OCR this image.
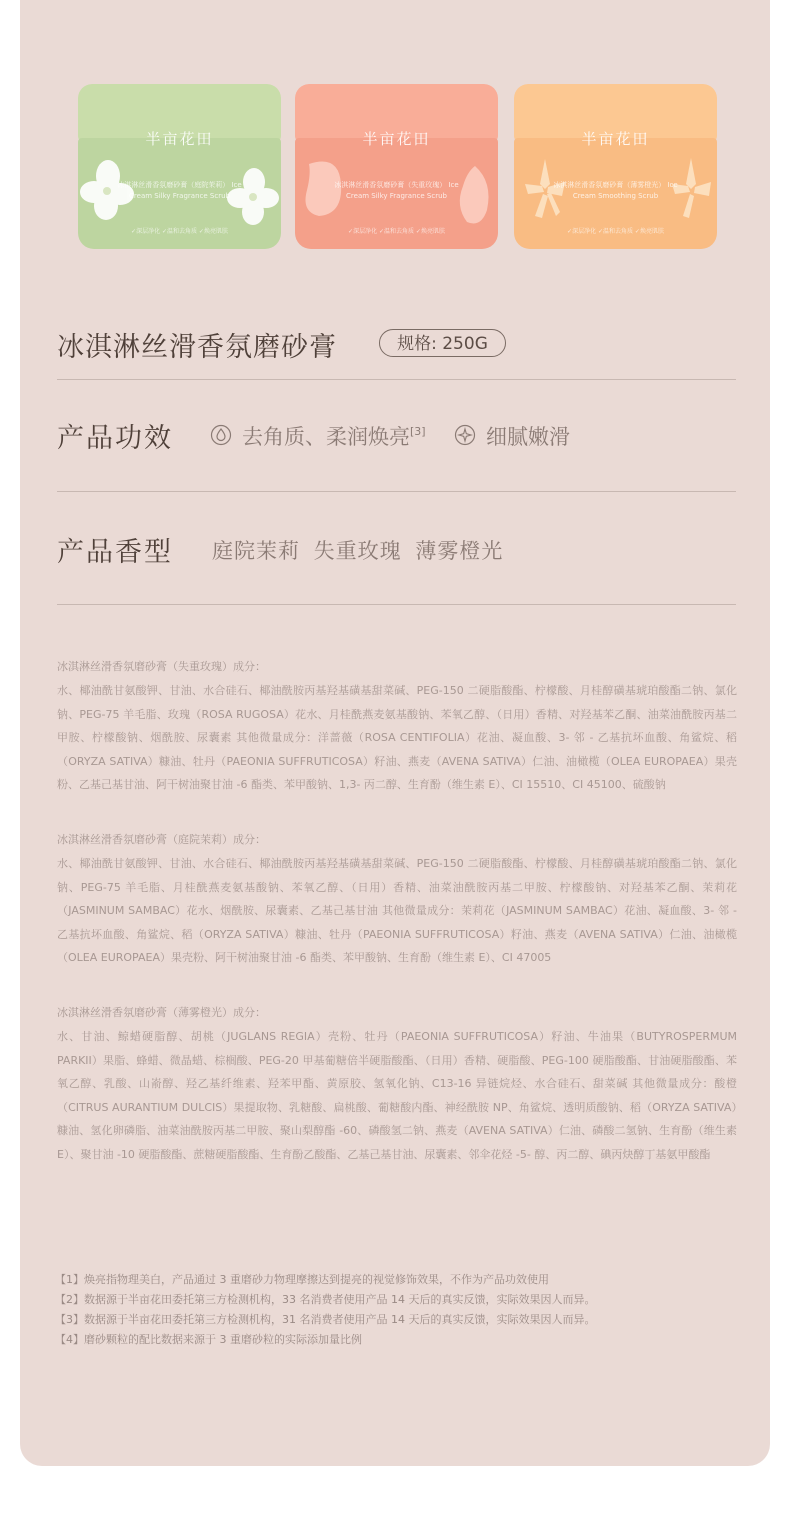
半亩花田
冰淇淋丝滑香氛磨砂膏（庭院茉莉） Ice Cream Silky Fragrance Scrub
✓深层净化 ✓温和去角质 ✓焕亮肌肤
半亩花田
冰淇淋丝滑香氛磨砂膏（失重玫瑰） Ice Cream Silky Fragrance Scrub
✓深层净化 ✓温和去角质 ✓焕亮肌肤
半亩花田
冰淇淋丝滑香氛磨砂膏（薄雾橙光） Ice Cream Smoothing Scrub
✓深层净化 ✓温和去角质 ✓焕亮肌肤
冰淇淋丝滑香氛磨砂膏	规格: 250G
产品功效	去角质、柔润焕亮[3]	细腻嫩滑
产品香型 庭院茉莉 失重玫瑰 薄雾橙光
冰淇淋丝滑香氛磨砂膏（失重玫瑰）成分：
水、椰油酰甘氨酸钾、甘油、水合硅石、椰油酰胺丙基羟基磺基甜菜碱、PEG-150 二硬脂酸酯、柠檬酸、月桂醇磺基琥珀酸酯二钠、氯化钠、PEG-75 羊毛脂、玫瑰（ROSA RUGOSA）花水、月桂酰燕麦氨基酸钠、苯氧乙醇、（日用）香精、对羟基苯乙酮、油菜油酰胺丙基二甲胺、柠檬酸钠、烟酰胺、尿囊素 其他微量成分：洋蔷薇（ROSA CENTIFOLIA）花油、凝血酸、3- 邻 - 乙基抗坏血酸、角鲨烷、稻（ORYZA SATIVA）糠油、牡丹（PAEONIA SUFFRUTICOSA）籽油、燕麦（AVENA SATIVA）仁油、油橄榄（OLEA EUROPAEA）果壳粉、乙基己基甘油、阿干树油聚甘油 -6 酯类、苯甲酸钠、1,3- 丙二醇、生育酚（维生素 E）、CI 15510、CI 45100、硫酸钠
冰淇淋丝滑香氛磨砂膏（庭院茉莉）成分：
水、椰油酰甘氨酸钾、甘油、水合硅石、椰油酰胺丙基羟基磺基甜菜碱、PEG-150 二硬脂酸酯、柠檬酸、月桂醇磺基琥珀酸酯二钠、氯化钠、PEG-75 羊毛脂、月桂酰燕麦氨基酸钠、苯氧乙醇、（日用）香精、油菜油酰胺丙基二甲胺、柠檬酸钠、对羟基苯乙酮、茉莉花（JASMINUM SAMBAC）花水、烟酰胺、尿囊素、乙基己基甘油 其他微量成分：茉莉花（JASMINUM SAMBAC）花油、凝血酸、3- 邻 - 乙基抗坏血酸、角鲨烷、稻（ORYZA SATIVA）糠油、牡丹（PAEONIA SUFFRUTICOSA）籽油、燕麦（AVENA SATIVA）仁油、油橄榄（OLEA EUROPAEA）果壳粉、阿干树油聚甘油 -6 酯类、苯甲酸钠、生育酚（维生素 E）、CI 47005
冰淇淋丝滑香氛磨砂膏（薄雾橙光）成分：
水、甘油、鲸蜡硬脂醇、胡桃（JUGLANS REGIA）壳粉、牡丹（PAEONIA SUFFRUTICOSA）籽油、牛油果（BUTYROSPERMUM PARKII）果脂、蜂蜡、微晶蜡、棕榈酸、PEG-20 甲基葡糖倍半硬脂酸酯、（日用）香精、硬脂酸、PEG-100 硬脂酸酯、甘油硬脂酸酯、苯氧乙醇、乳酸、山嵛醇、羟乙基纤维素、羟苯甲酯、黄原胶、氢氧化钠、C13-16 异链烷烃、水合硅石、甜菜碱 其他微量成分：酸橙（CITRUS AURANTIUM DULCIS）果提取物、乳糖酸、扁桃酸、葡糖酸内酯、神经酰胺 NP、角鲨烷、透明质酸钠、稻（ORYZA SATIVA）糠油、氢化卵磷脂、油菜油酰胺丙基二甲胺、聚山梨醇酯 -60、磷酸氢二钠、燕麦（AVENA SATIVA）仁油、磷酸二氢钠、生育酚（维生素 E）、聚甘油 -10 硬脂酸酯、蔗糖硬脂酸酯、生育酚乙酸酯、乙基己基甘油、尿囊素、邻伞花烃 -5- 醇、丙二醇、碘丙炔醇丁基氨甲酸酯
【1】焕亮指物理美白，产品通过 3 重磨砂力物理摩擦达到提亮的视觉修饰效果，不作为产品功效使用
【2】数据源于半亩花田委托第三方检测机构，33 名消费者使用产品 14 天后的真实反馈，实际效果因人而异。
【3】数据源于半亩花田委托第三方检测机构，31 名消费者使用产品 14 天后的真实反馈，实际效果因人而异。
【4】磨砂颗粒的配比数据来源于 3 重磨砂粒的实际添加量比例
